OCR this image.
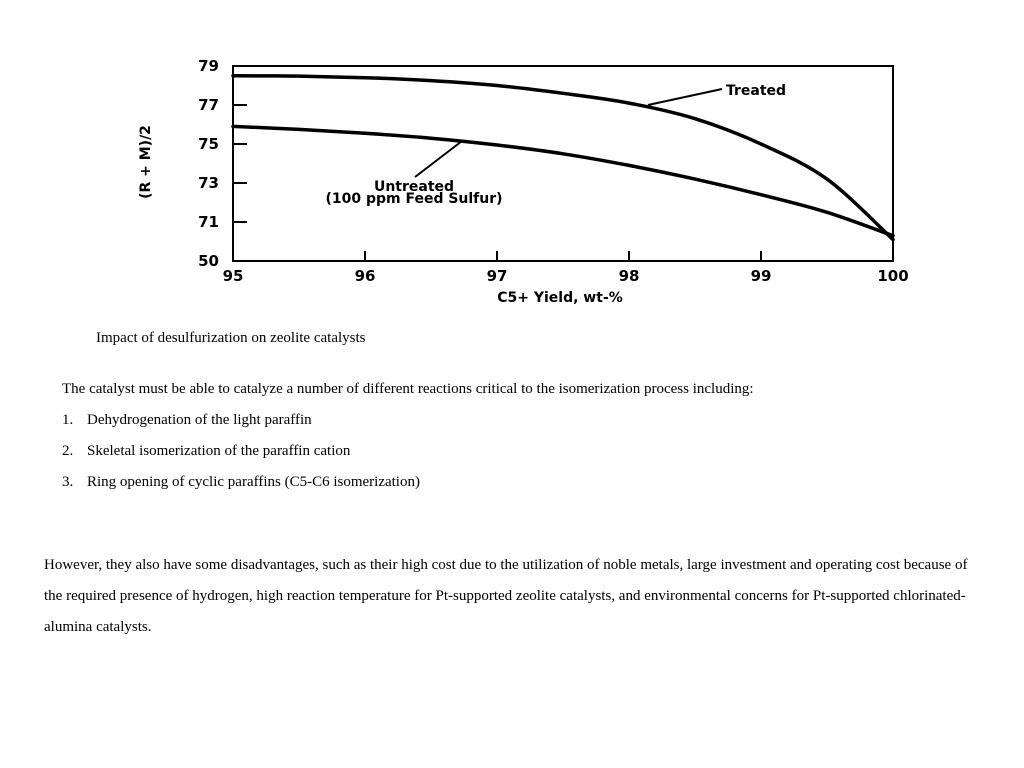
79
77
75
73
71
50
95	96	97	98	99	100
(R + M)/2
C5+ Yield, wt-%
Treated
Untreated
(100 ppm Feed Sulfur)
Impact of desulfurization on zeolite catalysts
The catalyst must be able to catalyze a number of different reactions critical to the isomerization process including:
1. Dehydrogenation of the light paraffin
2. Skeletal isomerization of the paraffin cation
3. Ring opening of cyclic paraffins (C5-C6 isomerization)

However, they also have some disadvantages, such as their high cost due to the utilization of noble metals, large investment and operating cost because of the required presence of hydrogen, high reaction temperature for Pt-supported zeolite catalysts, and environmental concerns for Pt-supported chlorinated-alumina catalysts.
